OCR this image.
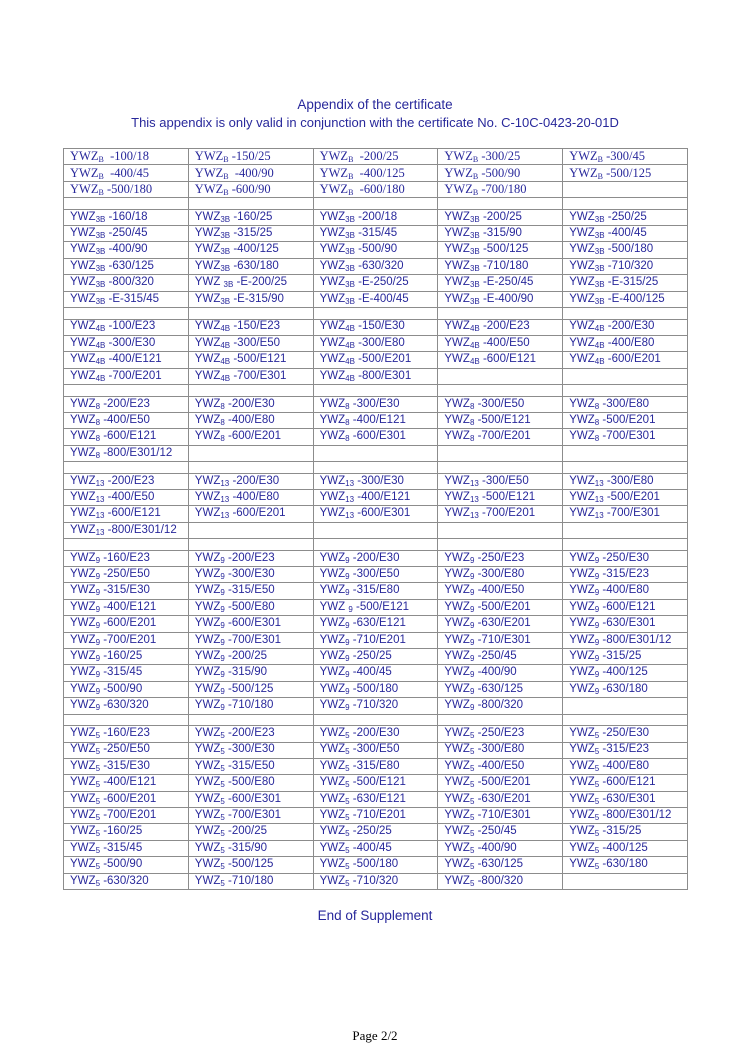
Appendix of the certificate
This appendix is only valid in conjunction with the certificate No. C-10C-0423-20-01D
$YWZ_B$  -100/18	$YWZ_B$ -150/25	$YWZ_B$  -200/25	$YWZ_B$ -300/25	$YWZ_B$ -300/45
$YWZ_B$  -400/45	$YWZ_B$  -400/90	$YWZ_B$  -400/125	$YWZ_B$ -500/90	$YWZ_B$ -500/125
$YWZ_B$ -500/180	$YWZ_B$ -600/90	$YWZ_B$  -600/180	$YWZ_B$ -700/180	

$YWZ_{3B}$ -160/18	$YWZ_{3B}$ -160/25	$YWZ_{3B}$ -200/18	$YWZ_{3B}$ -200/25	$YWZ_{3B}$ -250/25
$YWZ_{3B}$ -250/45	$YWZ_{3B}$ -315/25	$YWZ_{3B}$ -315/45	$YWZ_{3B}$ -315/90	$YWZ_{3B}$ -400/45
$YWZ_{3B}$ -400/90	$YWZ_{3B}$ -400/125	$YWZ_{3B}$ -500/90	$YWZ_{3B}$ -500/125	$YWZ_{3B}$ -500/180
$YWZ_{3B}$ -630/125	$YWZ_{3B}$ -630/180	$YWZ_{3B}$ -630/320	$YWZ_{3B}$ -710/180	$YWZ_{3B}$ -710/320
$YWZ_{3B}$ -800/320	YWZ $_{3B}$ -E-200/25	$YWZ_{3B}$ -E-250/25	$YWZ_{3B}$ -E-250/45	$YWZ_{3B}$ -E-315/25
$YWZ_{3B}$ -E-315/45	$YWZ_{3B}$ -E-315/90	$YWZ_{3B}$ -E-400/45	$YWZ_{3B}$ -E-400/90	$YWZ_{3B}$ -E-400/125

$YWZ_{4B}$ -100/E23	$YWZ_{4B}$ -150/E23	$YWZ_{4B}$ -150/E30	$YWZ_{4B}$ -200/E23	$YWZ_{4B}$ -200/E30
$YWZ_{4B}$ -300/E30	$YWZ_{4B}$ -300/E50	$YWZ_{4B}$ -300/E80	$YWZ_{4B}$ -400/E50	$YWZ_{4B}$ -400/E80
$YWZ_{4B}$ -400/E121	$YWZ_{4B}$ -500/E121	$YWZ_{4B}$ -500/E201	$YWZ_{4B}$ -600/E121	$YWZ_{4B}$ -600/E201
$YWZ_{4B}$ -700/E201	$YWZ_{4B}$ -700/E301	$YWZ_{4B}$ -800/E301		

$YWZ_8$ -200/E23	$YWZ_8$ -200/E30	$YWZ_8$ -300/E30	$YWZ_8$ -300/E50	$YWZ_8$ -300/E80
$YWZ_8$ -400/E50	$YWZ_8$ -400/E80	$YWZ_8$ -400/E121	$YWZ_8$ -500/E121	$YWZ_8$ -500/E201
$YWZ_8$ -600/E121	$YWZ_8$ -600/E201	$YWZ_8$ -600/E301	$YWZ_8$ -700/E201	$YWZ_8$ -700/E301
$YWZ_8$ -800/E301/12				

$YWZ_{13}$ -200/E23	$YWZ_{13}$ -200/E30	$YWZ_{13}$ -300/E30	$YWZ_{13}$ -300/E50	$YWZ_{13}$ -300/E80
$YWZ_{13}$ -400/E50	$YWZ_{13}$ -400/E80	$YWZ_{13}$ -400/E121	$YWZ_{13}$ -500/E121	$YWZ_{13}$ -500/E201
$YWZ_{13}$ -600/E121	$YWZ_{13}$ -600/E201	$YWZ_{13}$ -600/E301	$YWZ_{13}$ -700/E201	$YWZ_{13}$ -700/E301
$YWZ_{13}$ -800/E301/12				

$YWZ_9$ -160/E23	$YWZ_9$ -200/E23	$YWZ_9$ -200/E30	$YWZ_9$ -250/E23	$YWZ_9$ -250/E30
$YWZ_9$ -250/E50	$YWZ_9$ -300/E30	$YWZ_9$ -300/E50	$YWZ_9$ -300/E80	$YWZ_9$ -315/E23
$YWZ_9$ -315/E30	$YWZ_9$ -315/E50	$YWZ_9$ -315/E80	$YWZ_9$ -400/E50	$YWZ_9$ -400/E80
$YWZ_9$ -400/E121	$YWZ_9$ -500/E80	YWZ $_9$ -500/E121	$YWZ_9$ -500/E201	$YWZ_9$ -600/E121
$YWZ_9$ -600/E201	$YWZ_9$ -600/E301	$YWZ_9$ -630/E121	$YWZ_9$ -630/E201	$YWZ_9$ -630/E301
$YWZ_9$ -700/E201	$YWZ_9$ -700/E301	$YWZ_9$ -710/E201	$YWZ_9$ -710/E301	$YWZ_9$ -800/E301/12
$YWZ_9$ -160/25	$YWZ_9$ -200/25	$YWZ_9$ -250/25	$YWZ_9$ -250/45	$YWZ_9$ -315/25
$YWZ_9$ -315/45	$YWZ_9$ -315/90	$YWZ_9$ -400/45	$YWZ_9$ -400/90	$YWZ_9$ -400/125
$YWZ_9$ -500/90	$YWZ_9$ -500/125	$YWZ_9$ -500/180	$YWZ_9$ -630/125	$YWZ_9$ -630/180
$YWZ_9$ -630/320	$YWZ_9$ -710/180	$YWZ_9$ -710/320	$YWZ_9$ -800/320	

$YWZ_5$ -160/E23	$YWZ_5$ -200/E23	$YWZ_5$ -200/E30	$YWZ_5$ -250/E23	$YWZ_5$ -250/E30
$YWZ_5$ -250/E50	$YWZ_5$ -300/E30	$YWZ_5$ -300/E50	$YWZ_5$ -300/E80	$YWZ_5$ -315/E23
$YWZ_5$ -315/E30	$YWZ_5$ -315/E50	$YWZ_5$ -315/E80	$YWZ_5$ -400/E50	$YWZ_5$ -400/E80
$YWZ_5$ -400/E121	$YWZ_5$ -500/E80	$YWZ_5$ -500/E121	$YWZ_5$ -500/E201	$YWZ_5$ -600/E121
$YWZ_5$ -600/E201	$YWZ_5$ -600/E301	$YWZ_5$ -630/E121	$YWZ_5$ -630/E201	$YWZ_5$ -630/E301
$YWZ_5$ -700/E201	$YWZ_5$ -700/E301	$YWZ_5$ -710/E201	$YWZ_5$ -710/E301	$YWZ_5$ -800/E301/12
$YWZ_5$ -160/25	$YWZ_5$ -200/25	$YWZ_5$ -250/25	$YWZ_5$ -250/45	$YWZ_5$ -315/25
$YWZ_5$ -315/45	$YWZ_5$ -315/90	$YWZ_5$ -400/45	$YWZ_5$ -400/90	$YWZ_5$ -400/125
$YWZ_5$ -500/90	$YWZ_5$ -500/125	$YWZ_5$ -500/180	$YWZ_5$ -630/125	$YWZ_5$ -630/180
$YWZ_5$ -630/320	$YWZ_5$ -710/180	$YWZ_5$ -710/320	$YWZ_5$ -800/320	
End of Supplement
Page 2/2
